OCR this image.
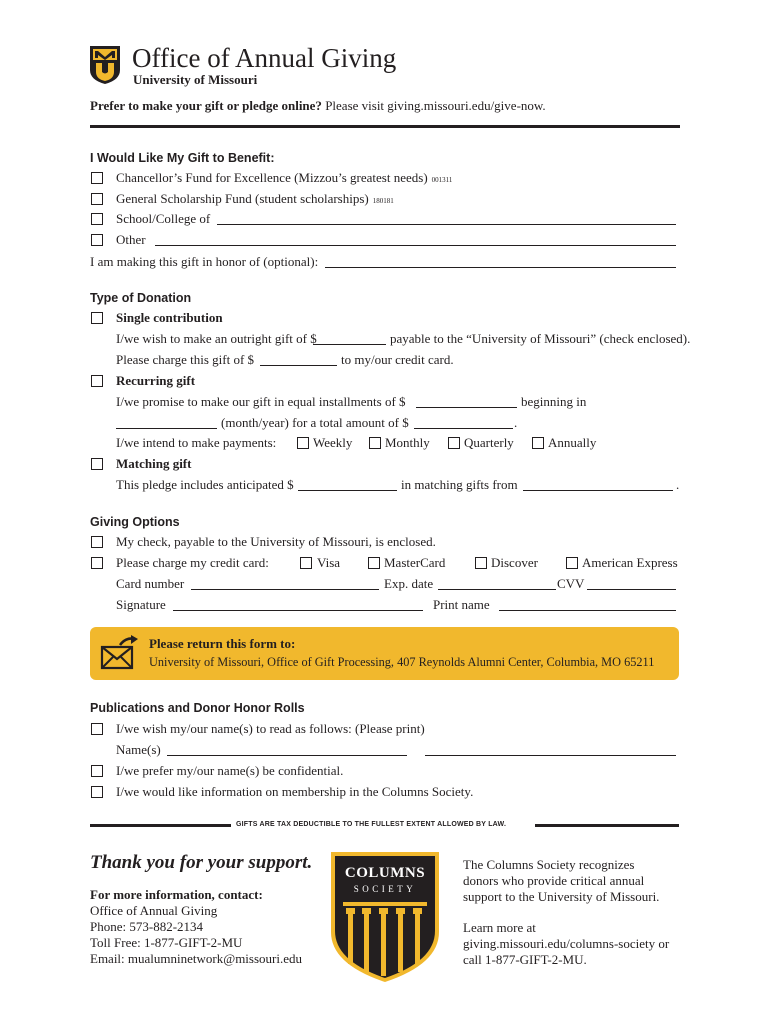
Office of Annual Giving
University of Missouri
Prefer to make your gift or pledge online? Please visit giving.missouri.edu/give-now.
I Would Like My Gift to Benefit:
Chancellor’s Fund for Excellence (Mizzou’s greatest needs) 001311
General Scholarship Fund (student scholarships) 180181
School/College of
Other
I am making this gift in honor of (optional):
Type of Donation
Single contribution
I/we wish to make an outright gift of $	payable to the “University of Missouri” (check enclosed).
Please charge this gift of $	to my/our credit card.
Recurring gift
I/we promise to make our gift in equal installments of $	beginning in
(month/year) for a total amount of $	.
I/we intend to make payments:	Weekly	Monthly	Quarterly	Annually
Matching gift
This pledge includes anticipated $	in matching gifts from	.
Giving Options
My check, payable to the University of Missouri, is enclosed.
Please charge my credit card:	Visa	MasterCard	Discover	American Express
Card number	Exp. date	CVV
Signature	Print name
Please return this form to:
University of Missouri, Office of Gift Processing, 407 Reynolds Alumni Center, Columbia, MO 65211
Publications and Donor Honor Rolls
I/we wish my/our name(s) to read as follows: (Please print)
Name(s)
I/we prefer my/our name(s) be confidential.
I/we would like information on membership in the Columns Society.
GIFTS ARE TAX DEDUCTIBLE TO THE FULLEST EXTENT ALLOWED BY LAW.
Thank you for your support.
For more information, contact:
Office of Annual Giving
Phone: 573-882-2134
Toll Free: 1-877-GIFT-2-MU
Email: mualumninetwork@missouri.edu
COLUMNS
SOCIETY
The Columns Society recognizes
donors who provide critical annual
support to the University of Missouri.
Learn more at
giving.missouri.edu/columns-society or
call 1-877-GIFT-2-MU.
